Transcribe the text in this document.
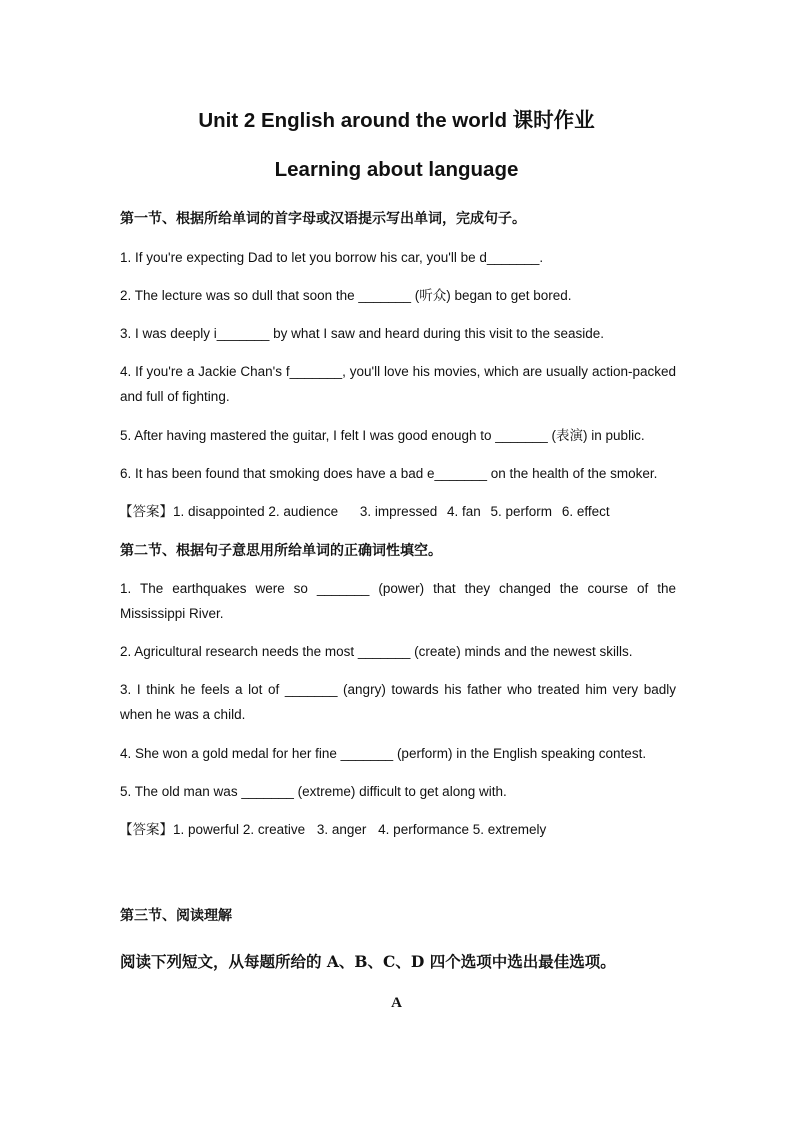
Unit 2 English around the world 课时作业
Learning about language
第一节、根据所给单词的首字母或汉语提示写出单词，完成句子。
1. If you're expecting Dad to let you borrow his car, you'll be d_______.
2. The lecture was so dull that soon the _______ (听众) began to get bored.
3. I was deeply i_______ by what I saw and heard during this visit to the seaside.
4. If you're a Jackie Chan's f_______, you'll love his movies, which are usually action-packed and full of fighting.
5. After having mastered the guitar, I felt I was good enough to _______ (表演) in public.
6. It has been found that smoking does have a bad e_______ on the health of the smoker.
【答案】1. disappointed 2. audience 3. impressed 4. fan 5. perform 6. effect
第二节、根据句子意思用所给单词的正确词性填空。
1. The earthquakes were so _______ (power) that they changed the course of the Mississippi River.
2. Agricultural research needs the most _______ (create) minds and the newest skills.
3. I think he feels a lot of _______ (angry) towards his father who treated him very badly when he was a child.
4. She won a gold medal for her fine _______ (perform) in the English speaking contest.
5. The old man was _______ (extreme) difficult to get along with.
【答案】1. powerful 2. creative 3. anger 4. performance 5. extremely
第三节、阅读理解
阅读下列短文，从每题所给的 A、B、C、D 四个选项中选出最佳选项。
A
